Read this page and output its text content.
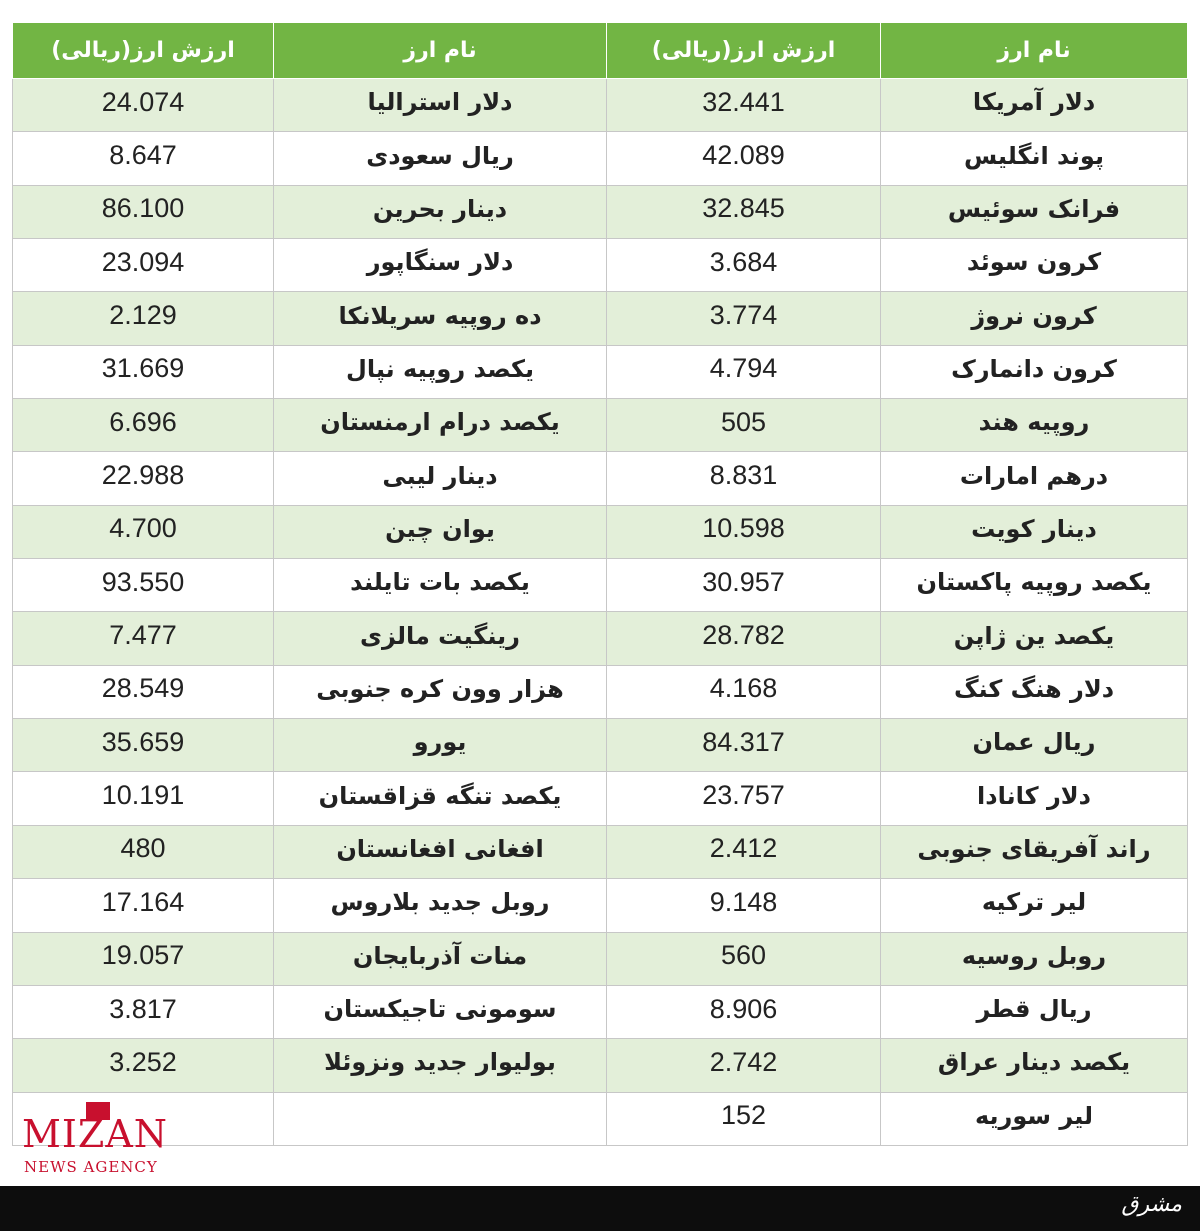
ارزش ارز(ریالی)	نام ارز	ارزش ارز(ریالی)	نام ارز
24.074	دلار استرالیا	32.441	دلار آمریکا
8.647	ریال سعودی	42.089	پوند انگلیس
86.100	دینار بحرین	32.845	فرانک سوئیس
23.094	دلار سنگاپور	3.684	کرون سوئد
2.129	ده روپیه سریلانکا	3.774	کرون نروژ
31.669	یکصد روپیه نپال	4.794	کرون دانمارک
6.696	یکصد درام ارمنستان	505	روپیه هند
22.988	دینار لیبی	8.831	درهم امارات
4.700	یوان چین	10.598	دینار کویت
93.550	یکصد بات تایلند	30.957	یکصد روپیه پاکستان
7.477	رینگیت مالزی	28.782	یکصد ین ژاپن
28.549	هزار وون کره جنوبی	4.168	دلار هنگ کنگ
35.659	یورو	84.317	ریال عمان
10.191	یکصد تنگه قزاقستان	23.757	دلار کانادا
480	افغانی افغانستان	2.412	راند آفریقای جنوبی
17.164	روبل جدید بلاروس	9.148	لیر ترکیه
19.057	منات آذربایجان	560	روبل روسیه
3.817	سومونی تاجیکستان	8.906	ریال قطر
3.252	بولیوار جدید ونزوئلا	2.742	یکصد دینار عراق
		152	لیر سوریه
MIZAN
NEWS AGENCY
مشرق
